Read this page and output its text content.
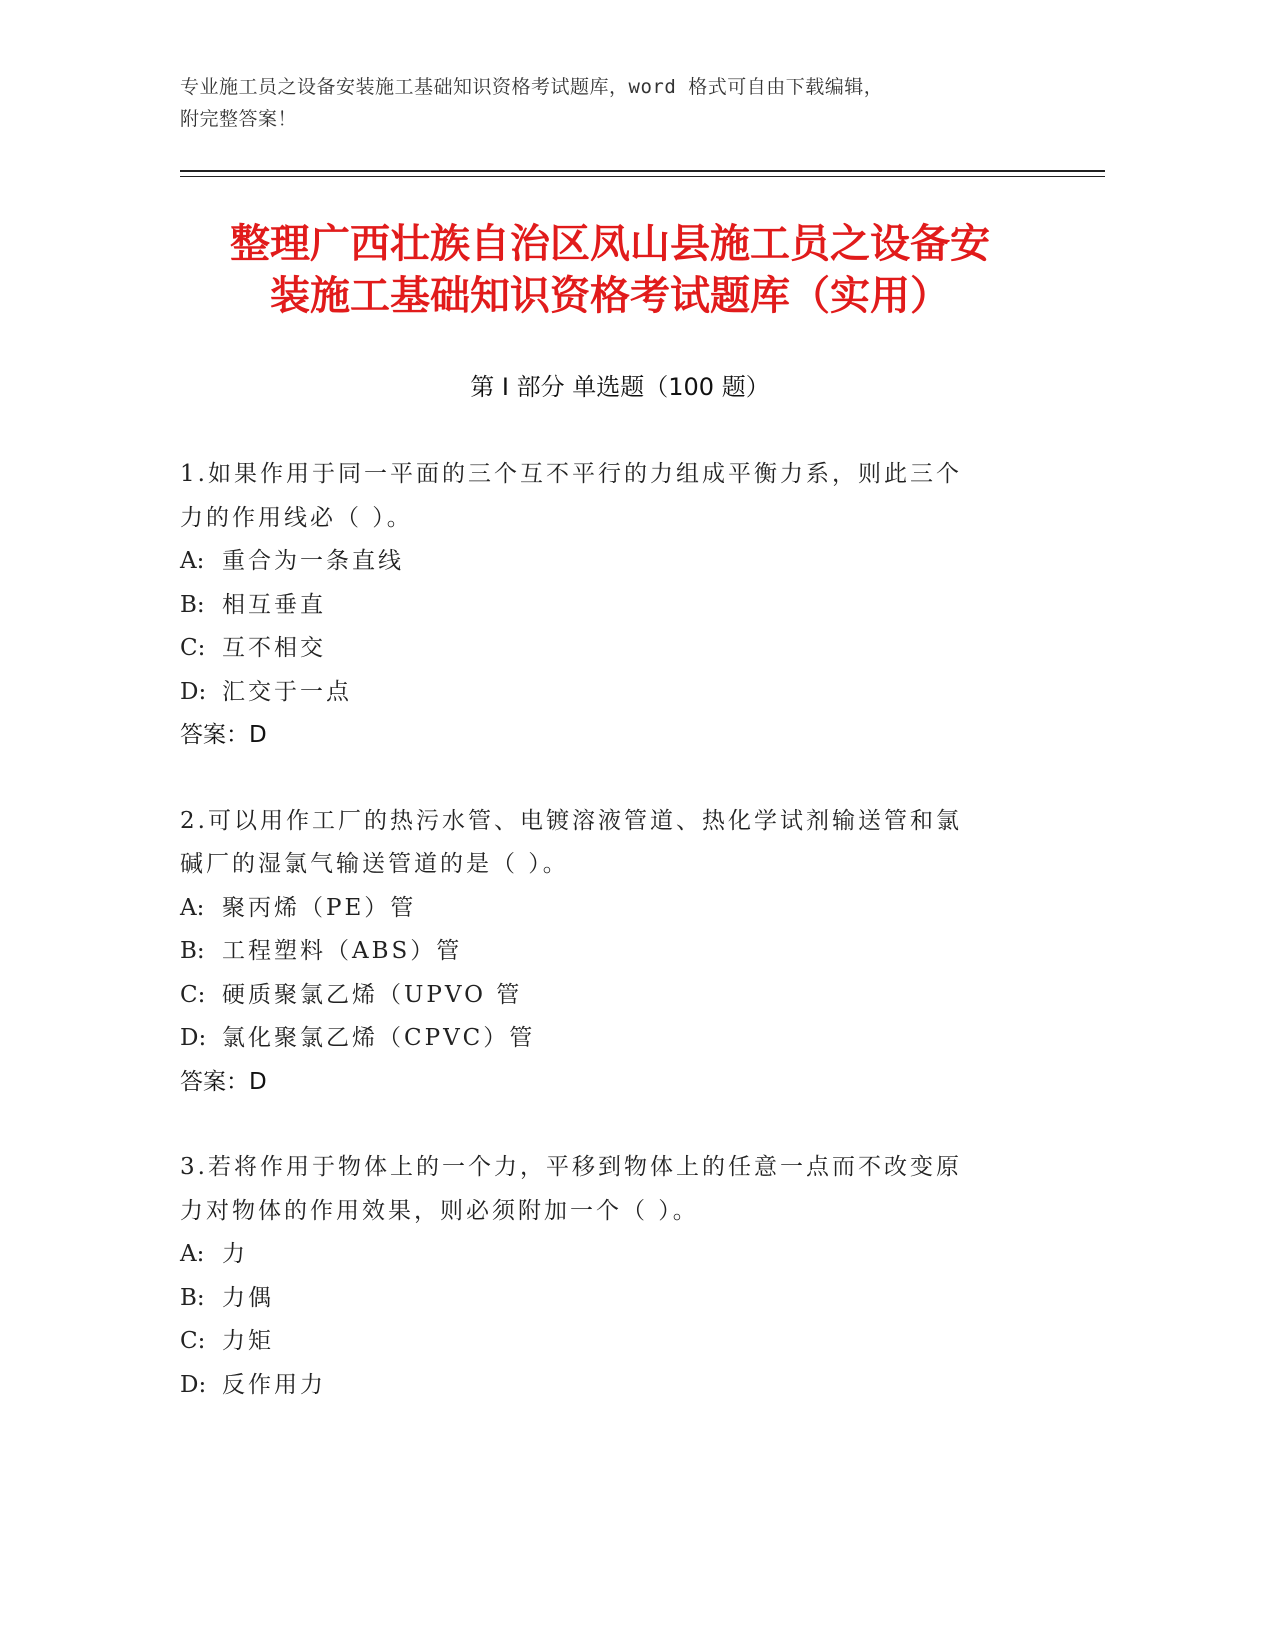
专业施工员之设备安装施工基础知识资格考试题库，word 格式可自由下载编辑，
附完整答案！
整理广西壮族自治区凤山县施工员之设备安
装施工基础知识资格考试题库（实用）
第 I 部分 单选题（100 题）
1.如果作用于同一平面的三个互不平行的力组成平衡力系，则此三个
力的作用线必（ ）。
A: 重合为一条直线
B: 相互垂直
C: 互不相交
D: 汇交于一点
答案：D
2.可以用作工厂的热污水管、电镀溶液管道、热化学试剂输送管和氯
碱厂的湿氯气输送管道的是（ ）。
A: 聚丙烯（PE）管
B: 工程塑料（ABS）管
C: 硬质聚氯乙烯（UPVO 管
D: 氯化聚氯乙烯（CPVC）管
答案：D
3.若将作用于物体上的一个力，平移到物体上的任意一点而不改变原
力对物体的作用效果，则必须附加一个（ ）。
A: 力
B: 力偶
C: 力矩
D: 反作用力
